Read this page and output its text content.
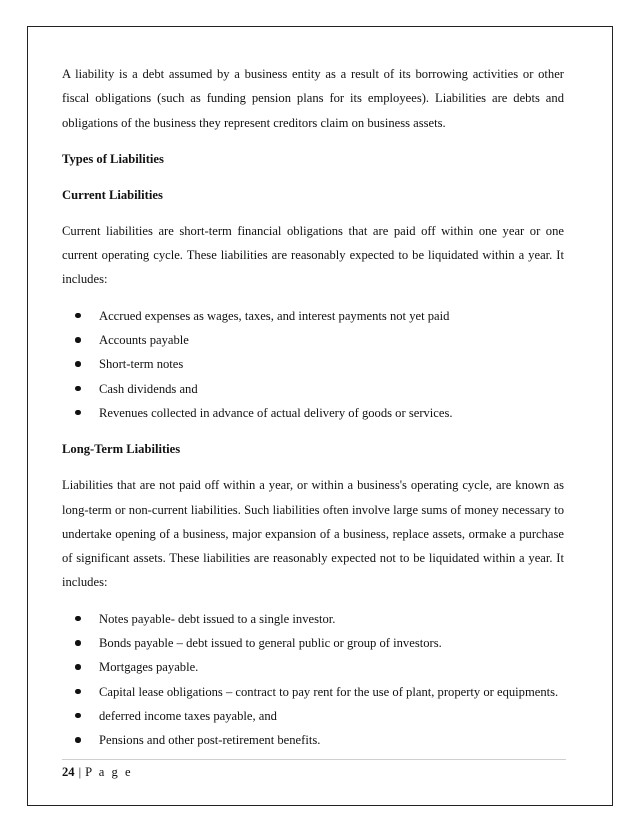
A liability is a debt assumed by a business entity as a result of its borrowing activities or other fiscal obligations (such as funding pension plans for its employees). Liabilities are debts and obligations of the business they represent creditors claim on business assets.

Types of Liabilities
Current Liabilities

Current liabilities are short-term financial obligations that are paid off within one year or one current operating cycle. These liabilities are reasonably expected to be liquidated within a year. It includes:

Accrued expenses as wages, taxes, and interest payments not yet paid
Accounts payable
Short-term notes
Cash dividends and
Revenues collected in advance of actual delivery of goods or services.
Long-Term Liabilities

Liabilities that are not paid off within a year, or within a business's operating cycle, are known as long-term or non-current liabilities. Such liabilities often involve large sums of money necessary to undertake opening of a business, major expansion of a business, replace assets, ormake a purchase of significant assets. These liabilities are reasonably expected not to be liquidated within a year. It includes:

Notes payable- debt issued to a single investor.
Bonds payable – debt issued to general public or group of investors.
Mortgages payable.
Capital lease obligations – contract to pay rent for the use of plant, property or equipments.
deferred income taxes payable, and
Pensions and other post-retirement benefits.
24 | P a g e
